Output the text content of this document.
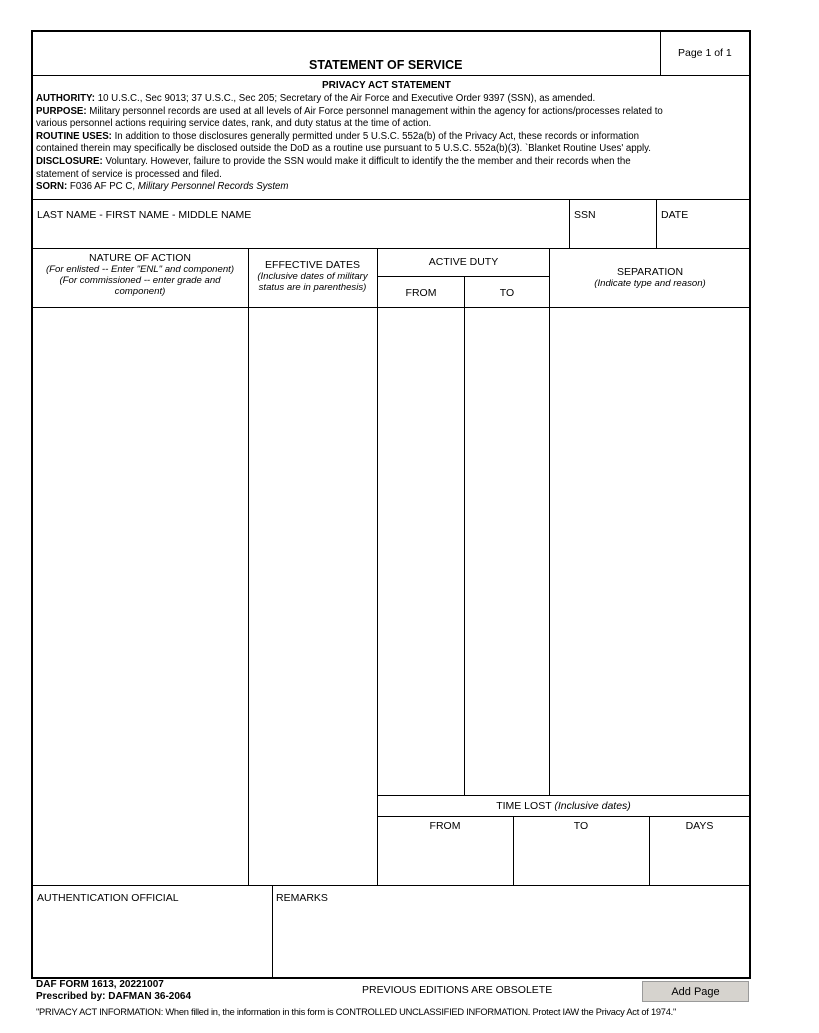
STATEMENT OF SERVICE
Page 1 of 1
PRIVACY ACT STATEMENT

AUTHORITY: 10 U.S.C., Sec 9013; 37 U.S.C., Sec 205; Secretary of the Air Force and Executive Order 9397 (SSN), as amended.

PURPOSE: Military personnel records are used at all levels of Air Force personnel management within the agency for actions/processes related to

various personnel actions requiring service dates, rank, and duty status at the time of action.

ROUTINE USES: In addition to those disclosures generally permitted under 5 U.S.C. 552a(b) of the Privacy Act, these records or information

contained therein may specifically be disclosed outside the DoD as a routine use pursuant to 5 U.S.C. 552a(b)(3). `Blanket Routine Uses' apply.

DISCLOSURE: Voluntary. However, failure to provide the SSN would make it difficult to identify the the member and their records when the

statement of service is processed and filed.

SORN: F036 AF PC C, Military Personnel Records System

LAST NAME - FIRST NAME - MIDDLE NAME	SSN	DATE
NATURE OF ACTION
(For enlisted -- Enter "ENL" and component)
(For commissioned -- enter grade and
component)
EFFECTIVE DATES
(Inclusive dates of military
status are in parenthesis)
ACTIVE DUTY
FROM	TO
SEPARATION
(Indicate type and reason)
TIME LOST (Inclusive dates)
FROM	TO	DAYS
AUTHENTICATION OFFICIAL	REMARKS
DAF FORM 1613, 20221007
Prescribed by: DAFMAN 36-2064
PREVIOUS EDITIONS ARE OBSOLETE	Add Page
"PRIVACY ACT INFORMATION: When filled in, the information in this form is CONTROLLED UNCLASSIFIED INFORMATION. Protect IAW the Privacy Act of 1974."
